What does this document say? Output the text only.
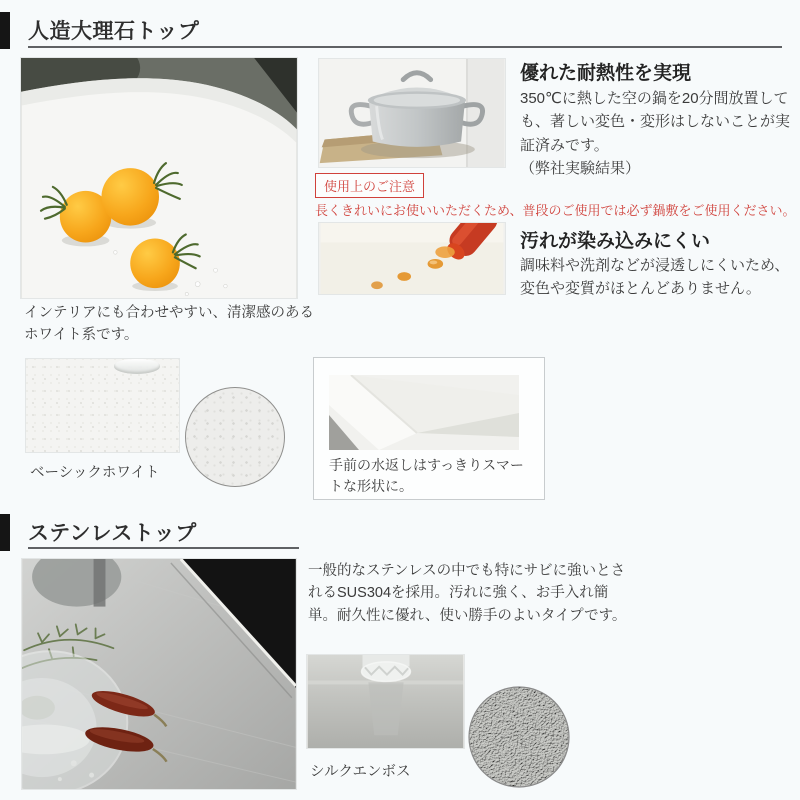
人造大理石トップ

インテリアにも合わせやすい、清潔感のあるホワイト系です。

優れた耐熱性を実現
350℃に熱した空の鍋を20分間放置しても、著しい変色・変形はしないことが実証済みです。
（弊社実験結果）
使用上のご注意
長くきれいにお使いいただくため、普段のご使用では必ず鍋敷をご使用ください。
汚れが染み込みにくい
調味料や洗剤などが浸透しにくいため、変色や変質がほとんどありません。
ベーシックホワイト	手前の水返しはすっきりスマートな形状に。

ステンレストップ
一般的なステンレスの中でも特にサビに強いとされるSUS304を採用。汚れに強く、お手入れ簡単。耐久性に優れ、使い勝手のよいタイプです。
シルクエンボス
